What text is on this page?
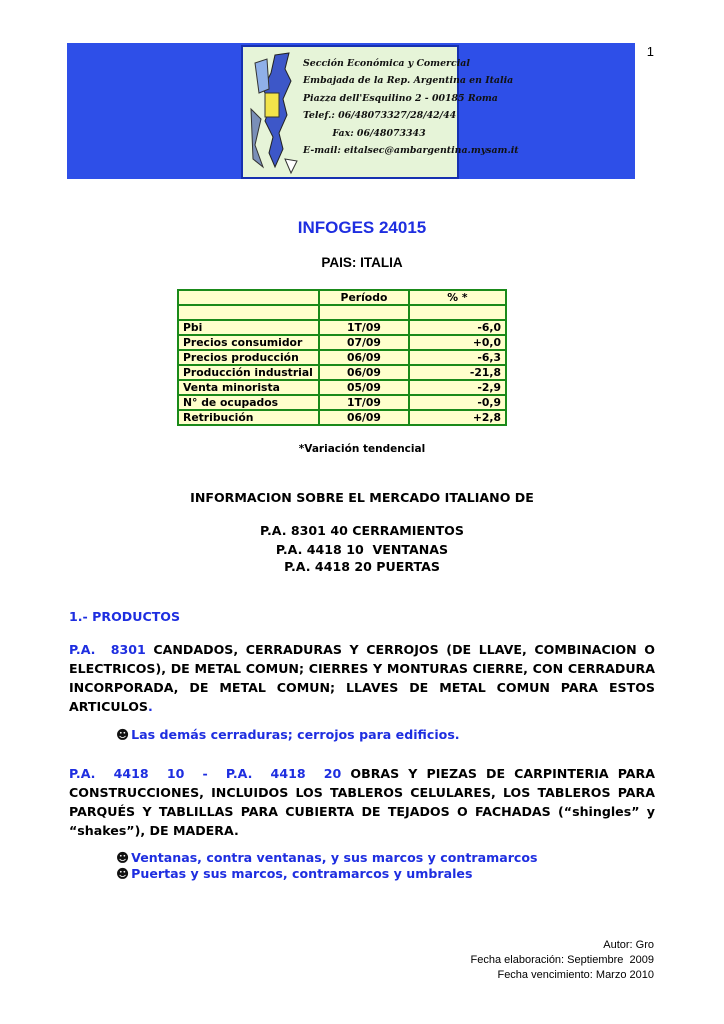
1
Sección Económica y Comercial
Embajada de la Rep. Argentina en Italia
Piazza dell'Esquilino 2 - 00185 Roma
Telef.: 06/48073327/28/42/44
Fax: 06/48073343
E-mail: eitalsec@ambargentina.mysam.it
INFOGES 24015
PAIS: ITALIA
	Período	% *

Pbi	1T/09	-6,0
Precios consumidor	07/09	+0,0
Precios producción	06/09	-6,3
Producción industrial	06/09	-21,8
Venta minorista	05/09	-2,9
N° de ocupados	1T/09	-0,9
Retribución	06/09	+2,8
*Variación tendencial
INFORMACION SOBRE EL MERCADO ITALIANO DE
P.A. 8301 40 CERRAMIENTOS
P.A. 4418 10  VENTANAS
P.A. 4418 20 PUERTAS
1.- PRODUCTOS
P.A.  8301 CANDADOS, CERRADURAS Y CERROJOS (DE LLAVE, COMBINACION O ELECTRICOS), DE METAL COMUN; CIERRES Y MONTURAS CIERRE, CON CERRADURA INCORPORADA, DE METAL COMUN; LLAVES DE METAL COMUN PARA ESTOS ARTICULOS.
☻ Las demás cerraduras; cerrojos para edificios.
P.A.  4418  10  -  P.A.  4418  20 OBRAS Y PIEZAS DE CARPINTERIA PARA CONSTRUCCIONES, INCLUIDOS LOS TABLEROS CELULARES, LOS TABLEROS PARA PARQUÉS Y TABLILLAS PARA CUBIERTA DE TEJADOS O FACHADAS (“shingles” y “shakes”), DE MADERA.
☻ Ventanas, contra ventanas, y sus marcos y contramarcos
☻ Puertas y sus marcos, contramarcos y umbrales
Autor: Gro
Fecha elaboración: Septiembre  2009
Fecha vencimiento: Marzo 2010
